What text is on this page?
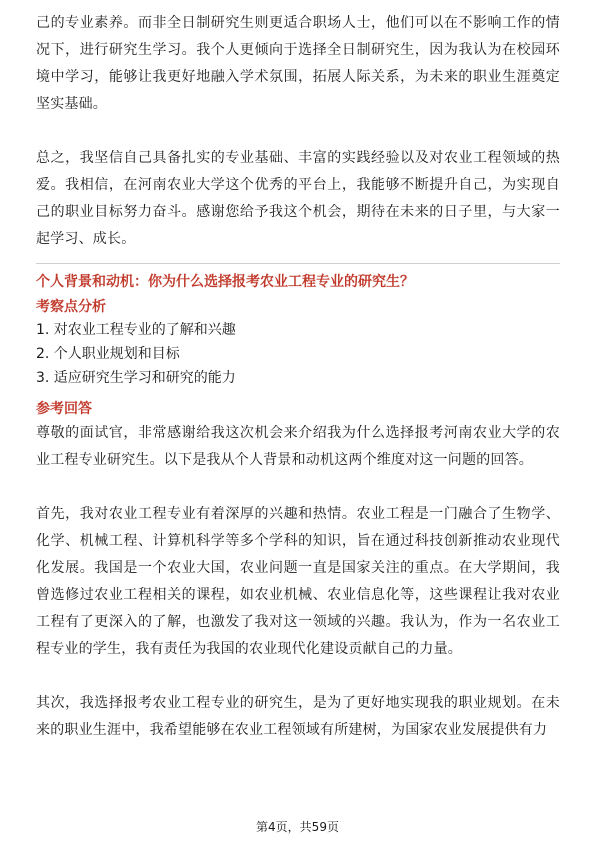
己的专业素养。而非全日制研究生则更适合职场人士，他们可以在不影响工作的情况下，进行研究生学习。我个人更倾向于选择全日制研究生，因为我认为在校园环境中学习，能够让我更好地融入学术氛围，拓展人际关系，为未来的职业生涯奠定坚实基础。

总之，我坚信自己具备扎实的专业基础、丰富的实践经验以及对农业工程领域的热爱。我相信，在河南农业大学这个优秀的平台上，我能够不断提升自己，为实现自己的职业目标努力奋斗。感谢您给予我这个机会，期待在未来的日子里，与大家一起学习、成长。

个人背景和动机：你为什么选择报考农业工程专业的研究生？

考察点分析

1. 对农业工程专业的了解和兴趣

2. 个人职业规划和目标

3. 适应研究生学习和研究的能力

参考回答

尊敬的面试官，非常感谢给我这次机会来介绍我为什么选择报考河南农业大学的农业工程专业研究生。以下是我从个人背景和动机这两个维度对这一问题的回答。

首先，我对农业工程专业有着深厚的兴趣和热情。农业工程是一门融合了生物学、化学、机械工程、计算机科学等多个学科的知识，旨在通过科技创新推动农业现代化发展。我国是一个农业大国，农业问题一直是国家关注的重点。在大学期间，我曾选修过农业工程相关的课程，如农业机械、农业信息化等，这些课程让我对农业工程有了更深入的了解，也激发了我对这一领域的兴趣。我认为，作为一名农业工程专业的学生，我有责任为我国的农业现代化建设贡献自己的力量。

其次，我选择报考农业工程专业的研究生，是为了更好地实现我的职业规划。在未来的职业生涯中，我希望能够在农业工程领域有所建树，为国家农业发展提供有力

第4页，共59页
